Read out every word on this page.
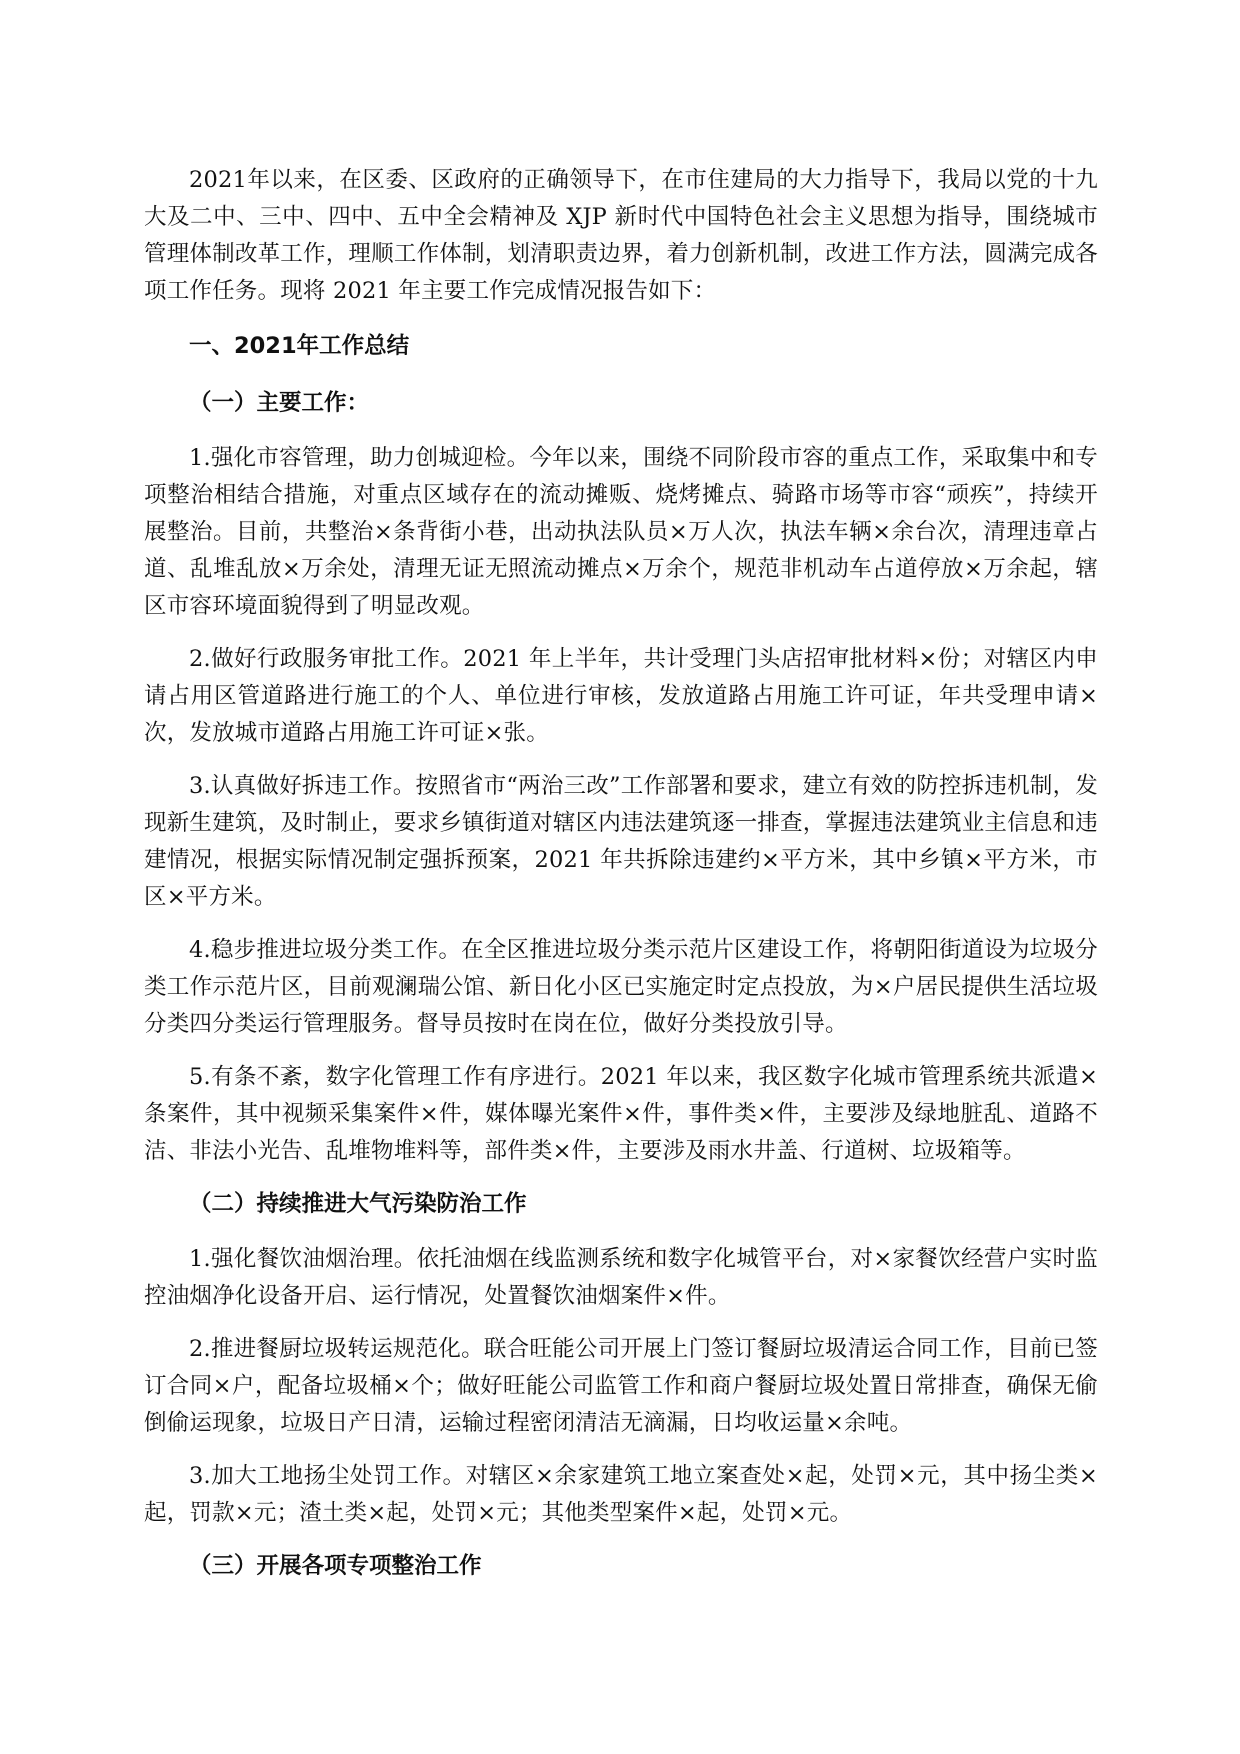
2021年以来，在区委、区政府的正确领导下，在市住建局的大力指导下，我局以党的十九大及二中、三中、四中、五中全会精神及 XJP 新时代中国特色社会主义思想为指导，围绕城市管理体制改革工作，理顺工作体制，划清职责边界，着力创新机制，改进工作方法，圆满完成各项工作任务。现将 2021 年主要工作完成情况报告如下：

一、2021年工作总结

（一）主要工作：

1.强化市容管理，助力创城迎检。今年以来，围绕不同阶段市容的重点工作，采取集中和专项整治相结合措施，对重点区域存在的流动摊贩、烧烤摊点、骑路市场等市容“顽疾”，持续开展整治。目前，共整治×条背街小巷，出动执法队员×万人次，执法车辆×余台次，清理违章占道、乱堆乱放×万余处，清理无证无照流动摊点×万余个，规范非机动车占道停放×万余起，辖区市容环境面貌得到了明显改观。

2.做好行政服务审批工作。2021 年上半年，共计受理门头店招审批材料×份；对辖区内申请占用区管道路进行施工的个人、单位进行审核，发放道路占用施工许可证，年共受理申请×次，发放城市道路占用施工许可证×张。

3.认真做好拆违工作。按照省市“两治三改”工作部署和要求，建立有效的防控拆违机制，发现新生建筑，及时制止，要求乡镇街道对辖区内违法建筑逐一排查，掌握违法建筑业主信息和违建情况，根据实际情况制定强拆预案，2021 年共拆除违建约×平方米，其中乡镇×平方米，市区×平方米。

4.稳步推进垃圾分类工作。在全区推进垃圾分类示范片区建设工作，将朝阳街道设为垃圾分类工作示范片区，目前观澜瑞公馆、新日化小区已实施定时定点投放，为×户居民提供生活垃圾分类四分类运行管理服务。督导员按时在岗在位，做好分类投放引导。

5.有条不紊，数字化管理工作有序进行。2021 年以来，我区数字化城市管理系统共派遣×条案件，其中视频采集案件×件，媒体曝光案件×件，事件类×件，主要涉及绿地脏乱、道路不洁、非法小光告、乱堆物堆料等，部件类×件，主要涉及雨水井盖、行道树、垃圾箱等。

（二）持续推进大气污染防治工作

1.强化餐饮油烟治理。依托油烟在线监测系统和数字化城管平台，对×家餐饮经营户实时监控油烟净化设备开启、运行情况，处置餐饮油烟案件×件。

2.推进餐厨垃圾转运规范化。联合旺能公司开展上门签订餐厨垃圾清运合同工作，目前已签订合同×户，配备垃圾桶×个；做好旺能公司监管工作和商户餐厨垃圾处置日常排查，确保无偷倒偷运现象，垃圾日产日清，运输过程密闭清洁无滴漏，日均收运量×余吨。

3.加大工地扬尘处罚工作。对辖区×余家建筑工地立案查处×起，处罚×元，其中扬尘类×起，罚款×元；渣土类×起，处罚×元；其他类型案件×起，处罚×元。

（三）开展各项专项整治工作
